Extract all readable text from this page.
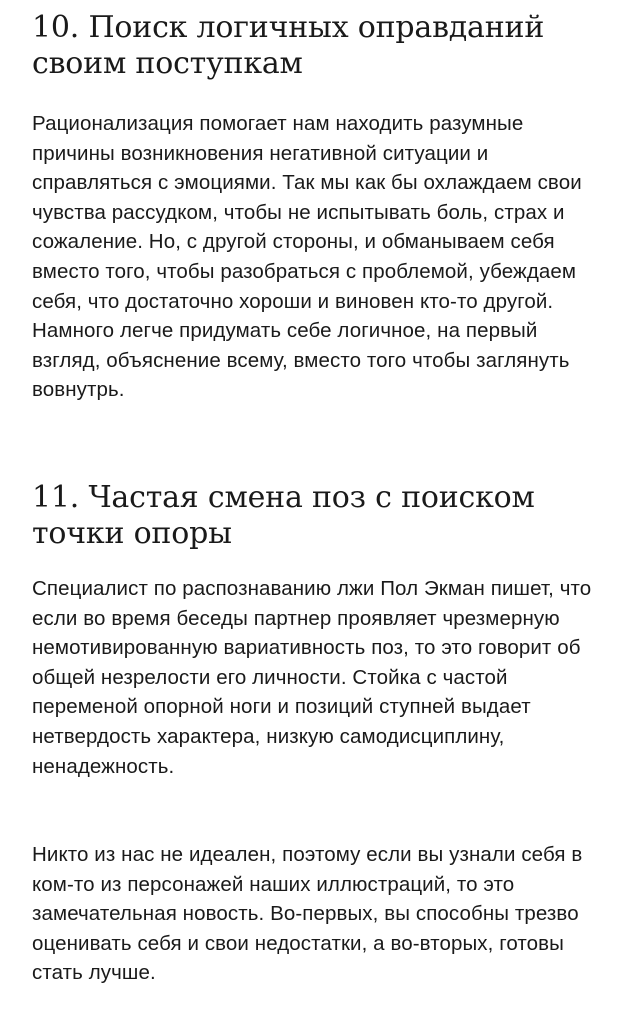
10. Поиск логичных оправданий своим поступкам

Рационализация помогает нам находить разумные причины возникновения негативной ситуации и справляться с эмоциями. Так мы как бы охлаждаем свои чувства рассудком, чтобы не испытывать боль, страх и сожаление. Но, с другой стороны, и обманываем себя вместо того, чтобы разобраться с проблемой, убеждаем себя, что достаточно хороши и виновен кто-то другой. Намного легче придумать себе логичное, на первый взгляд, объяснение всему, вместо того чтобы заглянуть вовнутрь.

11. Частая смена поз с поиском точки опоры

Специалист по распознаванию лжи Пол Экман пишет, что если во время беседы партнер проявляет чрезмерную немотивированную вариативность поз, то это говорит об общей незрелости его личности. Стойка с частой переменой опорной ноги и позиций ступней выдает нетвердость характера, низкую самодисциплину, ненадежность.

Никто из нас не идеален, поэтому если вы узнали себя в ком-то из персонажей наших иллюстраций, то это замечательная новость. Во-первых, вы способны трезво оценивать себя и свои недостатки, а во-вторых, готовы стать лучше.
